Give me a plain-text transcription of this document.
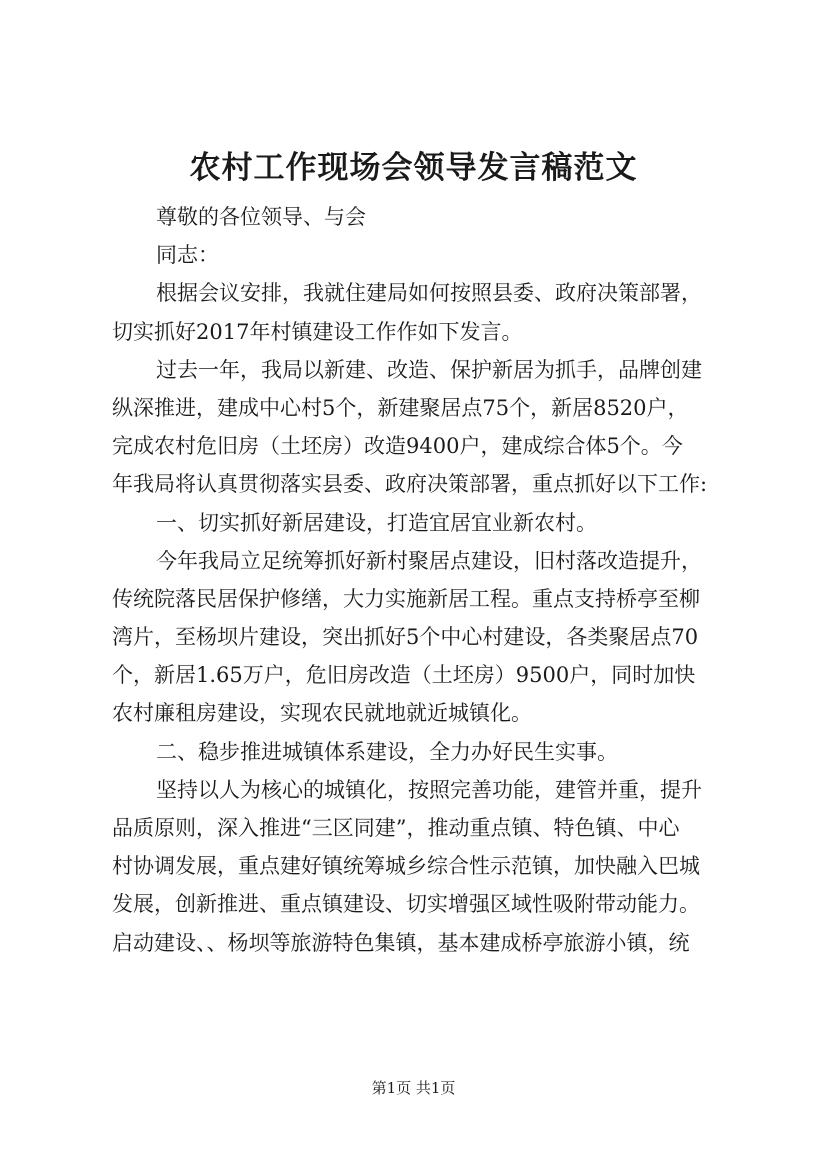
农村工作现场会领导发言稿范文
尊敬的各位领导、与会
同志：
根据会议安排，我就住建局如何按照县委、政府决策部署，
切实抓好2017年村镇建设工作作如下发言。
过去一年，我局以新建、改造、保护新居为抓手，品牌创建
纵深推进，建成中心村5个，新建聚居点75个，新居8520户，
完成农村危旧房（土坯房）改造9400户，建成综合体5个。今
年我局将认真贯彻落实县委、政府决策部署，重点抓好以下工作:
一、切实抓好新居建设，打造宜居宜业新农村。
今年我局立足统筹抓好新村聚居点建设，旧村落改造提升，
传统院落民居保护修缮，大力实施新居工程。重点支持桥亭至柳
湾片，至杨坝片建设，突出抓好5个中心村建设，各类聚居点70
个，新居1.65万户，危旧房改造（土坯房）9500户，同时加快
农村廉租房建设，实现农民就地就近城镇化。
二、稳步推进城镇体系建设，全力办好民生实事。
坚持以人为核心的城镇化，按照完善功能，建管并重，提升
品质原则，深入推进“三区同建”，推动重点镇、特色镇、中心
村协调发展，重点建好镇统筹城乡综合性示范镇，加快融入巴城
发展，创新推进、重点镇建设、切实增强区域性吸附带动能力。
启动建设、、杨坝等旅游特色集镇，基本建成桥亭旅游小镇，统
第1页 共1页
